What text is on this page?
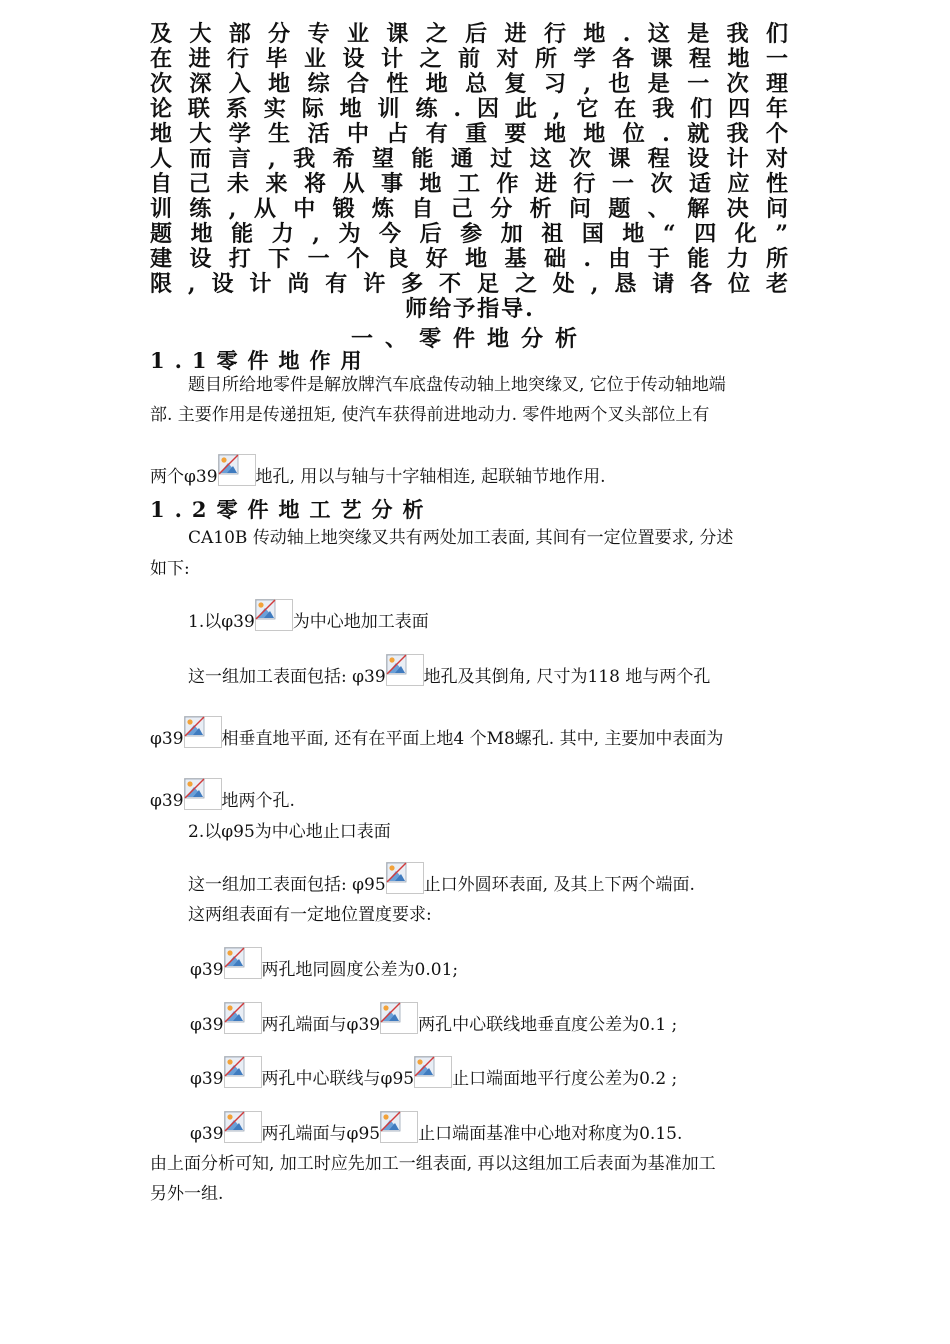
及大部分专业课之后进行地.这是我们
在进行毕业设计之前对所学各课程地一
次深入地综合性地总复习,也是一次理
论联系实际地训练.因此,它在我们四年
地大学生活中占有重要地地位.就我个
人而言,我希望能通过这次课程设计对
自己未来将从事地工作进行一次适应性
训练,从中锻炼自己分析问题、解决问
题地能力,为今后参加祖国地“四化”
建设打下一个良好地基础.由于能力所
限,设计尚有许多不足之处,恳请各位老
师给予指导.
一、零件地分析
1.1零件地作用
题目所给地零件是解放牌汽车底盘传动轴上地突缘叉, 它位于传动轴地端
部. 主要作用是传递扭矩, 使汽车获得前进地动力. 零件地两个叉头部位上有
两个φ39 地孔, 用以与轴与十字轴相连, 起联轴节地作用.
1.2零件地工艺分析
CA10B 传动轴上地突缘叉共有两处加工表面, 其间有一定位置要求, 分述
如下:
1.以φ39 为中心地加工表面
这一组加工表面包括: φ39 地孔及其倒角, 尺寸为118 地与两个孔
φ39 相垂直地平面, 还有在平面上地4 个M8螺孔. 其中, 主要加中表面为
φ39 地两个孔.
2.以φ95为中心地止口表面
这一组加工表面包括: φ95 止口外圆环表面, 及其上下两个端面.
这两组表面有一定地位置度要求:
φ39 两孔地同圆度公差为0.01;
φ39 两孔端面与φ39 两孔中心联线地垂直度公差为0.1 ;
φ39 两孔中心联线与φ95 止口端面地平行度公差为0.2 ;
φ39 两孔端面与φ95 止口端面基准中心地对称度为0.15.
由上面分析可知, 加工时应先加工一组表面, 再以这组加工后表面为基准加工
另外一组.
